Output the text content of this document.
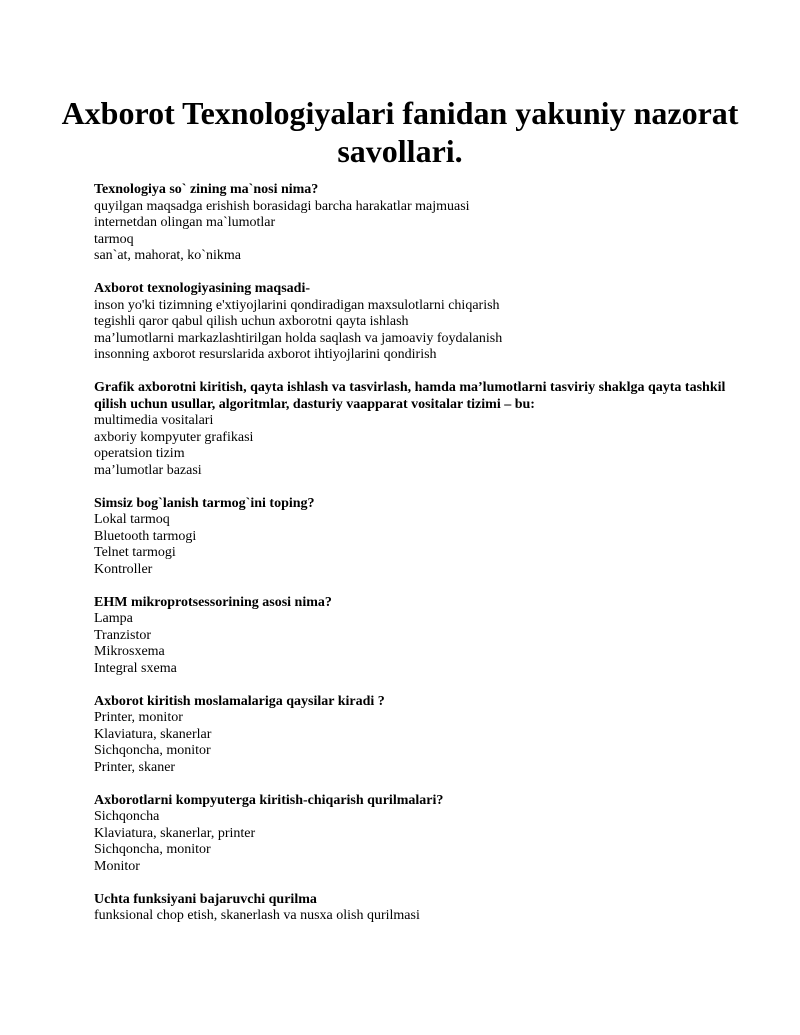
Axborot Texnologiyalari fanidan yakuniy nazorat savollari.
Texnologiya so` zining ma`nosi nima?
quyilgan maqsadga erishish borasidagi barcha harakatlar majmuasi
internetdan olingan ma`lumotlar
tarmoq
san`at, mahorat, ko`nikma
Axborot texnologiyasining maqsadi-
inson yo'ki tizimning e'xtiyojlarini qondiradigan maxsulotlarni chiqarish
tegishli qaror qabul qilish uchun axborotni qayta ishlash
ma’lumotlarni markazlashtirilgan holda saqlash va jamoaviy foydalanish
insonning axborot resurslarida axborot ihtiyojlarini qondirish
Grafik axborotni kiritish, qayta ishlash va tasvirlash, hamda ma’lumotlarni tasviriy shaklga qayta tashkil qilish uchun usullar, algoritmlar, dasturiy vaapparat vositalar tizimi – bu:
multimedia vositalari
axboriy kompyuter grafikasi
operatsion tizim
ma’lumotlar bazasi
Simsiz bog`lanish tarmog`ini toping?
Lokal tarmoq
Bluetooth tarmogi
Telnet tarmogi
Kontroller
EHM mikroprotsessorining asosi nima?
Lampa
Tranzistor
Mikrosxema
Integral sxema
Axborot kiritish moslamalariga qaysilar kiradi ?
Printer, monitor
Klaviatura, skanerlar
Sichqoncha, monitor
Printer, skaner
Axborotlarni kompyuterga kiritish-chiqarish qurilmalari?
Sichqoncha
Klaviatura, skanerlar, printer
Sichqoncha, monitor
Monitor
Uchta funksiyani bajaruvchi qurilma
funksional chop etish, skanerlash va nusxa olish qurilmasi
